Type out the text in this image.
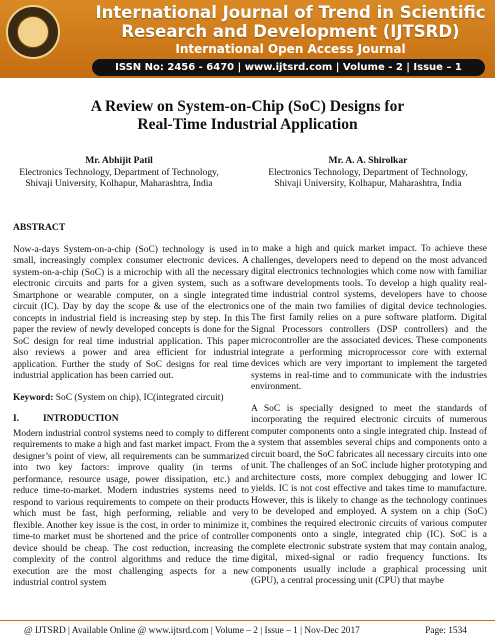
International Journal of Trend in Scientific
Research and Development (IJTSRD)
International Open Access Journal
ISSN No: 2456 - 6470 | www.ijtsrd.com | Volume - 2 | Issue – 1
A Review on System-on-Chip (SoC) Designs for
Real-Time Industrial Application
Mr. Abhijit Patil
Electronics Technology, Department of Technology,
Shivaji University, Kolhapur, Maharashtra, India
Mr. A. A. Shirolkar
Electronics Technology, Department of Technology,
Shivaji University, Kolhapur, Maharashtra, India
ABSTRACT

Now-a-days System-on-a-chip (SoC) technology is used in small, increasingly complex consumer electronic devices. A system-on-a-chip (SoC) is a microchip with all the necessary electronic circuits and parts for a given system, such as a Smartphone or wearable computer, on a single integrated circuit (IC). Day by day the scope & use of the electronics concepts in industrial field is increasing step by step. In this paper the review of newly developed concepts is done for the SoC design for real time industrial application. This paper also reviews a power and area efficient for industrial application. Further the study of SoC designs for real time industrial application has been carried out.

Keyword: SoC (System on chip), IC(integrated circuit)

I.	INTRODUCTION

Modern industrial control systems need to comply to different requirements to make a high and fast market impact. From the designer’s point of view, all requirements can be summarized into two key factors: improve quality (in terms of performance, resource usage, power dissipation, etc.) and reduce time-to-market. Modern industries systems need to respond to various requirements to compete on their products which must be fast, high performing, reliable and very flexible. Another key issue is the cost, in order to minimize it, time-to market must be shortened and the price of controller device should be cheap. The cost reduction, increasing the complexity of the control algorithms and reduce the time execution are the most challenging aspects for a new industrial control system

to make a high and quick market impact. To achieve these challenges, developers need to depend on the most advanced digital electronics technologies which come now with familiar software developments tools. To develop a high quality real-time industrial control systems, developers have to choose one of the main two families of digital device technologies. The first family relies on a pure software platform. Digital Signal Processors controllers (DSP controllers) and the microcontroller are the associated devices. These components integrate a performing microprocessor core with external devices which are very important to implement the targeted systems in real-time and to communicate with the industries environment.

A SoC is specially designed to meet the standards of incorporating the required electronic circuits of numerous computer components onto a single integrated chip. Instead of a system that assembles several chips and components onto a circuit board, the SoC fabricates all necessary circuits into one unit. The challenges of an SoC include higher prototyping and architecture costs, more complex debugging and lower IC yields. IC is not cost effective and takes time to manufacture. However, this is likely to change as the technology continues to be developed and employed. A system on a chip (SoC) combines the required electronic circuits of various computer components onto a single, integrated chip (IC). SoC is a complete electronic substrate system that may contain analog, digital, mixed-signal or radio frequency functions. Its components usually include a graphical processing unit (GPU), a central processing unit (CPU) that maybe

@ IJTSRD | Available Online @ www.ijtsrd.com | Volume – 2 | Issue – 1 | Nov-Dec 2017	Page: 1534
